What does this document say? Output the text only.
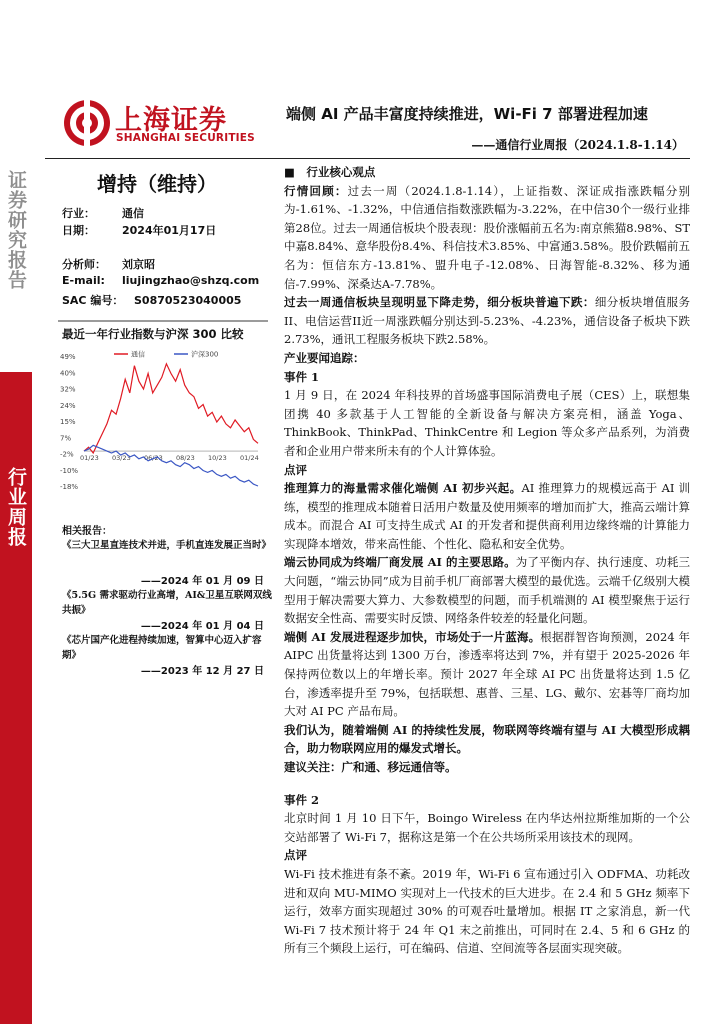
证券研究报告
行业周报
上海证券
SHANGHAI SECURITIES
端侧 AI 产品丰富度持续推进，Wi-Fi 7 部署进程加速
——通信行业周报（2024.1.8-1.14）
增持（维持）
行业： 通信
日期： 2024年01月17日
分析师： 刘京昭
E-mail: liujingzhao@shzq.com
SAC 编号： S0870523040005
最近一年行业指数与沪深 300 比较
49%
40%
32%
24%
15%
7%
-2%
-10%
-18%
01/23 03/23 06/23 08/23 10/23 01/24
通信	沪深300
相关报告：
《三大卫星直连技术并进，手机直连发展正当时》
——2024 年 01 月 09 日
《5.5G 需求驱动行业高增，AI&卫星互联网双线共振》
——2024 年 01 月 04 日
《芯片国产化进程持续加速，智算中心迈入扩容期》
——2023 年 12 月 27 日

■　行业核心观点

行情回顾：过去一周（2024.1.8-1.14），上证指数、深证成指涨跌幅分别为-1.61%、-1.32%，中信通信指数涨跌幅为-3.22%，在中信30个一级行业排第28位。过去一周通信板块个股表现：股价涨幅前五名为:南京熊猫8.98%、ST中嘉8.84%、意华股份8.4%、科信技术3.85%、中富通3.58%。股价跌幅前五名为：恒信东方-13.81%、盟升电子-12.08%、日海智能-8.32%、移为通信-7.99%、深桑达A-7.78%。

过去一周通信板块呈现明显下降走势，细分板块普遍下跌：细分板块增值服务II、电信运营II近一周涨跌幅分别达到-5.23%、-4.23%，通信设备子板块下跌2.73%，通讯工程服务板块下跌2.58%。

产业要闻追踪：

事件 1

1 月 9 日，在 2024 年科技界的首场盛事国际消费电子展（CES）上，联想集团携 40 多款基于人工智能的全新设备与解决方案亮相，涵盖 Yoga、ThinkBook、ThinkPad、ThinkCentre 和 Legion 等众多产品系列，为消费者和企业用户带来所未有的个人计算体验。

点评

推理算力的海量需求催化端侧 AI 初步兴起。AI 推理算力的规模远高于 AI 训练，模型的推理成本随着日活用户数量及使用频率的增加而扩大，推高云端计算成本。而混合 AI 可支持生成式 AI 的开发者和提供商利用边缘终端的计算能力实现降本增效，带来高性能、个性化、隐私和安全优势。

端云协同成为终端厂商发展 AI 的主要思路。为了平衡内存、执行速度、功耗三大问题，“端云协同”成为目前手机厂商部署大模型的最优选。云端千亿级别大模型用于解决需要大算力、大参数模型的问题，而手机端测的 AI 模型聚焦于运行数据安全性高、需要实时反馈、网络条件较差的轻量化问题。

端侧 AI 发展进程逐步加快，市场处于一片蓝海。根据群智咨询预测，2024 年 AIPC 出货量将达到 1300 万台，渗透率将达到 7%，并有望于 2025-2026 年保持两位数以上的年增长率。预计 2027 年全球 AI PC 出货量将达到 1.5 亿台，渗透率提升至 79%，包括联想、惠普、三星、LG、戴尔、宏碁等厂商均加大对 AI PC 产品布局。

我们认为，随着端侧 AI 的持续性发展，物联网等终端有望与 AI 大模型形成耦合，助力物联网应用的爆发式增长。

建议关注：广和通、移远通信等。

事件 2

北京时间 1 月 10 日下午，Boingo Wireless 在内华达州拉斯维加斯的一个公交站部署了 Wi-Fi 7，据称这是第一个在公共场所采用该技术的现网。

点评

Wi-Fi 技术推进有条不紊。2019 年，Wi-Fi 6 宣布通过引入 ODFMA、功耗改进和双向 MU-MIMO 实现对上一代技术的巨大进步。在 2.4 和 5 GHz 频率下运行，效率方面实现超过 30% 的可观吞吐量增加。根据 IT 之家消息，新一代 Wi-Fi 7 技术预计将于 24 年 Q1 末之前推出，可同时在 2.4、5 和 6 GHz 的所有三个频段上运行，可在编码、信道、空间流等各层面实现突破。
